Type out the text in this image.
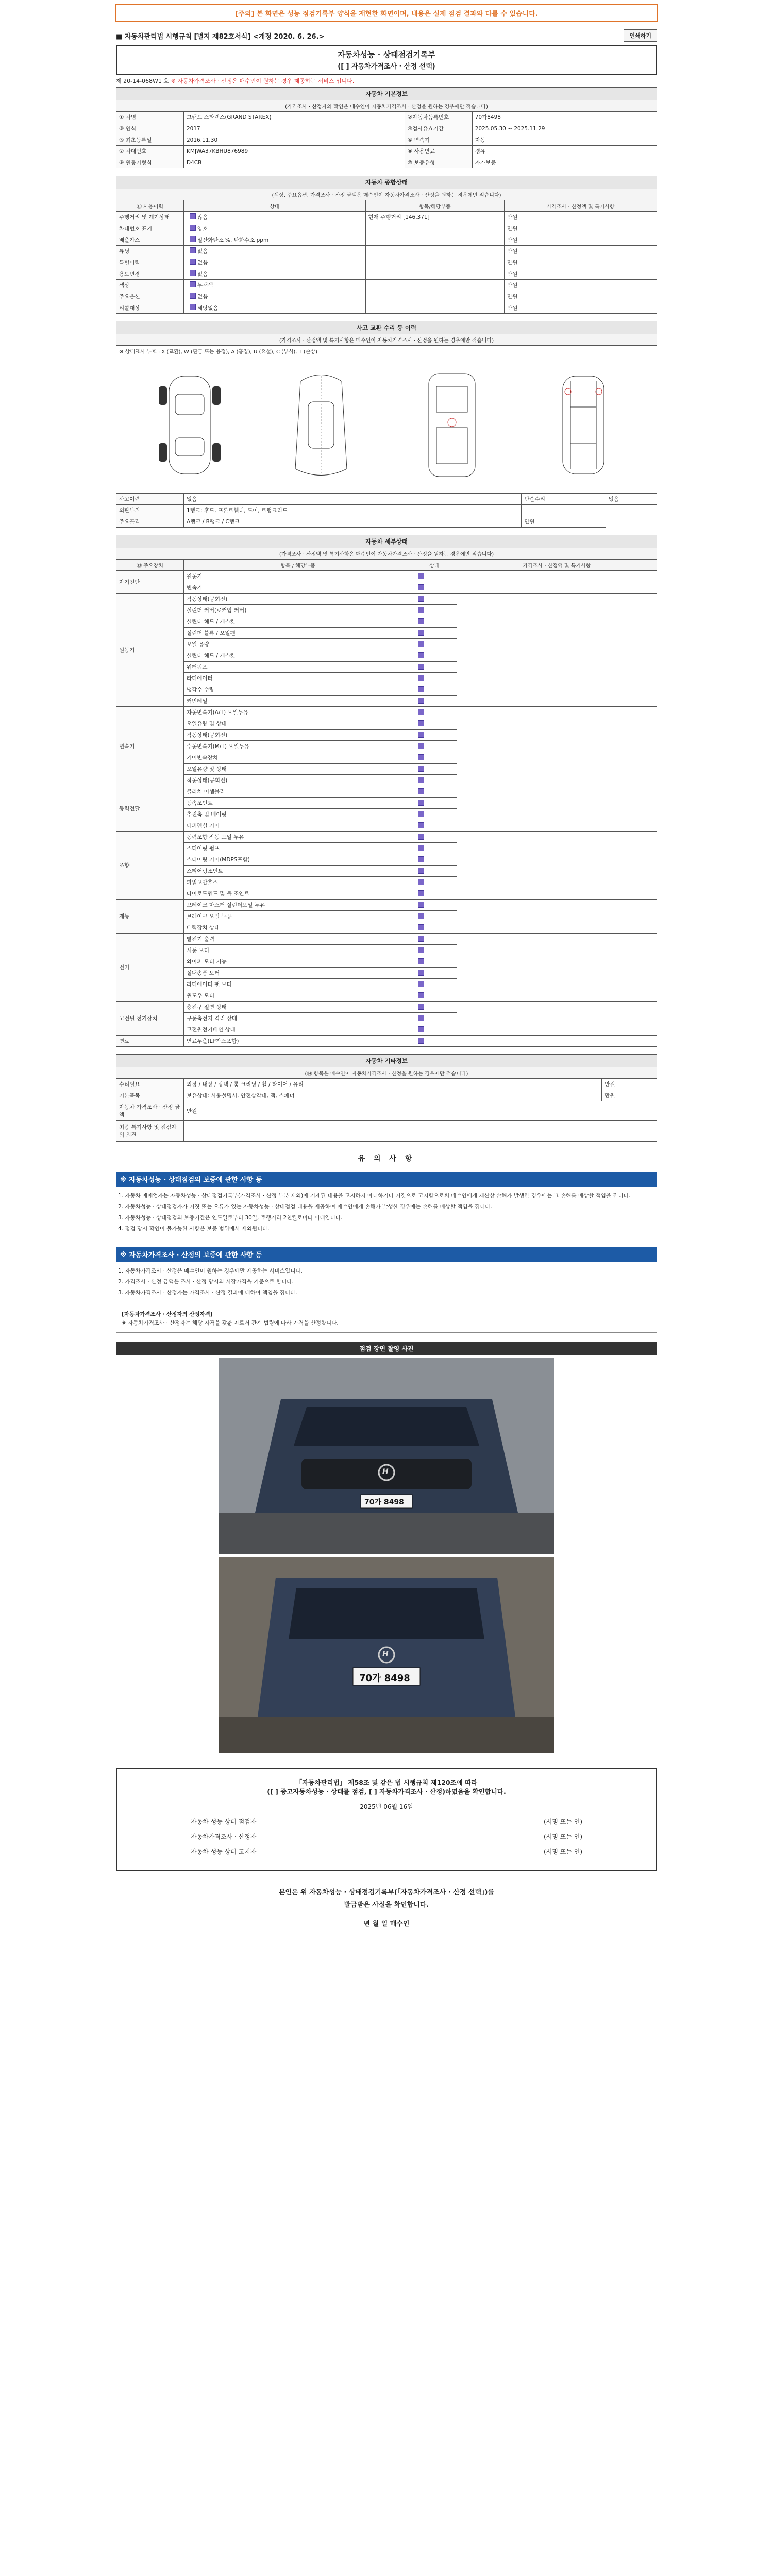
[주의] 본 화면은 성능 점검기록부 양식을 재현한 화면이며, 내용은 실제 점검 결과와 다를 수 있습니다.
■ 자동차관리법 시행규칙 [별지 제82호서식] <개정 2020. 6. 26.>	인쇄하기
자동차성능 · 상태점검기록부
([ ] 자동차가격조사 · 산정 선택)
제 20-14-068W1 호 ※ 자동차가격조사 · 산정은 매수인이 원하는 경우 제공하는 서비스 입니다.
자동차 기본정보			
(가격조사 · 산정자의 확인은 매수인이 자동차가격조사 · 산정을 원하는 경우에만 적습니다)			
① 차명	그랜드 스타렉스(GRAND STAREX)	②자동차등록번호	70가8498
③ 연식	2017	④검사유효기간	2025.05.30 ~ 2025.11.29
⑤ 최초등록일	2016.11.30	⑥ 변속기	자동
⑦ 차대번호	KMJWA37KBHU876989	⑧ 사용연료	경유
⑨ 원동기형식	D4CB	⑩ 보증유형	자가보증
자동차 종합상태			
(색상, 주요옵션, 가격조사 · 산정 금액은 매수인이 자동차가격조사 · 산정을 원하는 경우에만 적습니다)			
⑪ 사용이력	상태	항목/해당부품	가격조사 · 산정액 및 특기사항
주행거리 및 계기상태	많음	현재 주행거리 [146,371]	만원
차대번호 표기	양호		만원
배출가스	일산화탄소 %, 탄화수소 ppm		만원
튜닝	없음		만원
특별이력	없음		만원
용도변경	없음		만원
색상	무채색		만원
주요옵션	없음		만원
리콜대상	해당없음		만원
사고 교환 수리 등 이력			
(가격조사 · 산정액 및 특기사항은 매수인이 자동차가격조사 · 산정을 원하는 경우에만 적습니다)			
※ 상태표시 부호 : X (교환), W (판금 또는 용접), A (흠집), U (요철), C (부식), T (손상)			

사고이력	없음	단순수리	없음
외판부위	1랭크: 후드, 프론트휀더, 도어, 트렁크리드		
주요골격	A랭크 / B랭크 / C랭크	만원	
자동차 세부상태			
(가격조사 · 산정액 및 특기사항은 매수인이 자동차가격조사 · 산정을 원하는 경우에만 적습니다)			
⑬ 주요장치	항목 / 해당부품	상태	가격조사 · 산정액 및 특기사항
자기진단	원동기		
	변속기		
원동기	작동상태(공회전)		
	실린더 커버(로커암 커버)		
	실린더 헤드 / 개스킷		
	실린더 블록 / 오일팬		
	오일 유량		
	실린더 헤드 / 개스킷		
	워터펌프		
	라디에이터		
	냉각수 수량		
	커먼레일		
변속기	자동변속기(A/T) 오일누유		
	오일유량 및 상태		
	작동상태(공회전)		
	수동변속기(M/T) 오일누유		
	기어변속장치		
	오일유량 및 상태		
	작동상태(공회전)		
동력전달	클러치 어셈블리		
	등속조인트		
	추진축 및 베어링		
	디퍼렌셜 기어		
조향	동력조향 작동 오일 누유		
	스티어링 펌프		
	스티어링 기어(MDPS포함)		
	스티어링조인트		
	파워고압호스		
	타이로드엔드 및 볼 조인트		
제동	브레이크 마스터 실린더오일 누유		
	브레이크 오일 누유		
	배력장치 상태		
전기	발전기 출력		
	시동 모터		
	와이퍼 모터 기능		
	실내송풍 모터		
	라디에이터 팬 모터		
	윈도우 모터		
고전원 전기장치	충전구 절연 상태		
	구동축전지 격리 상태		
	고전원전기배선 상태		
연료	연료누출(LP가스포함)		
자동차 기타정보		
(⑭ 항목은 매수인이 자동차가격조사 · 산정을 원하는 경우에만 적습니다)		
수리필요	외장 / 내장 / 광택 / 룸 크리닝 / 휠 / 타이어 / 유리	만원
기본품목	보유상태: 사용설명서, 안전삼각대, 잭, 스패너	만원
자동차 가격조사 · 산정 금액	만원	
최종 특기사항 및 점검자의 의견		
유 의 사 항
※ 자동차성능 · 상태점검의 보증에 관한 사항 등

1. 자동차 매매업자는 자동차성능 · 상태점검기록부(가격조사 · 산정 부분 제외)에 기재된 내용을 고지하지 아니하거나 거짓으로 고지함으로써 매수인에게 재산상 손해가 발생한 경우에는 그 손해를 배상할 책임을 집니다.

2. 자동차성능 · 상태점검자가 거짓 또는 오류가 있는 자동차성능 · 상태점검 내용을 제공하여 매수인에게 손해가 발생한 경우에는 손해를 배상할 책임을 집니다.

3. 자동차성능 · 상태점검의 보증기간은 인도일로부터 30일, 주행거리 2천킬로미터 이내입니다.

4. 점검 당시 확인이 불가능한 사항은 보증 범위에서 제외됩니다.

※ 자동차가격조사 · 산정의 보증에 관한 사항 등

1. 자동차가격조사 · 산정은 매수인이 원하는 경우에만 제공하는 서비스입니다.

2. 가격조사 · 산정 금액은 조사 · 산정 당시의 시장가격을 기준으로 합니다.

3. 자동차가격조사 · 산정자는 가격조사 · 산정 결과에 대하여 책임을 집니다.

[자동차가격조사 · 산정자의 산정자격]
※ 자동차가격조사 · 산정자는 해당 자격을 갖춘 자로서 관계 법령에 따라 가격을 산정합니다.
점검 장면 촬영 사진
H
70가 8498
H
70가 8498
「자동차관리법」 제58조 및 같은 법 시행규칙 제120조에 따라
([ ] 중고자동차성능 · 상태를 점검, [ ] 자동차가격조사 · 산정)하였음을 확인합니다.
2025년 06월 16일
자동차 성능 상태 점검자	(서명 또는 인)
자동차가격조사 · 산정자	(서명 또는 인)
자동차 성능 상태 고지자	(서명 또는 인)
본인은 위 자동차성능 · 상태점검기록부(「자동차가격조사 · 산정 선택」)를
발급받은 사실을 확인합니다.
년 월 일 매수인
